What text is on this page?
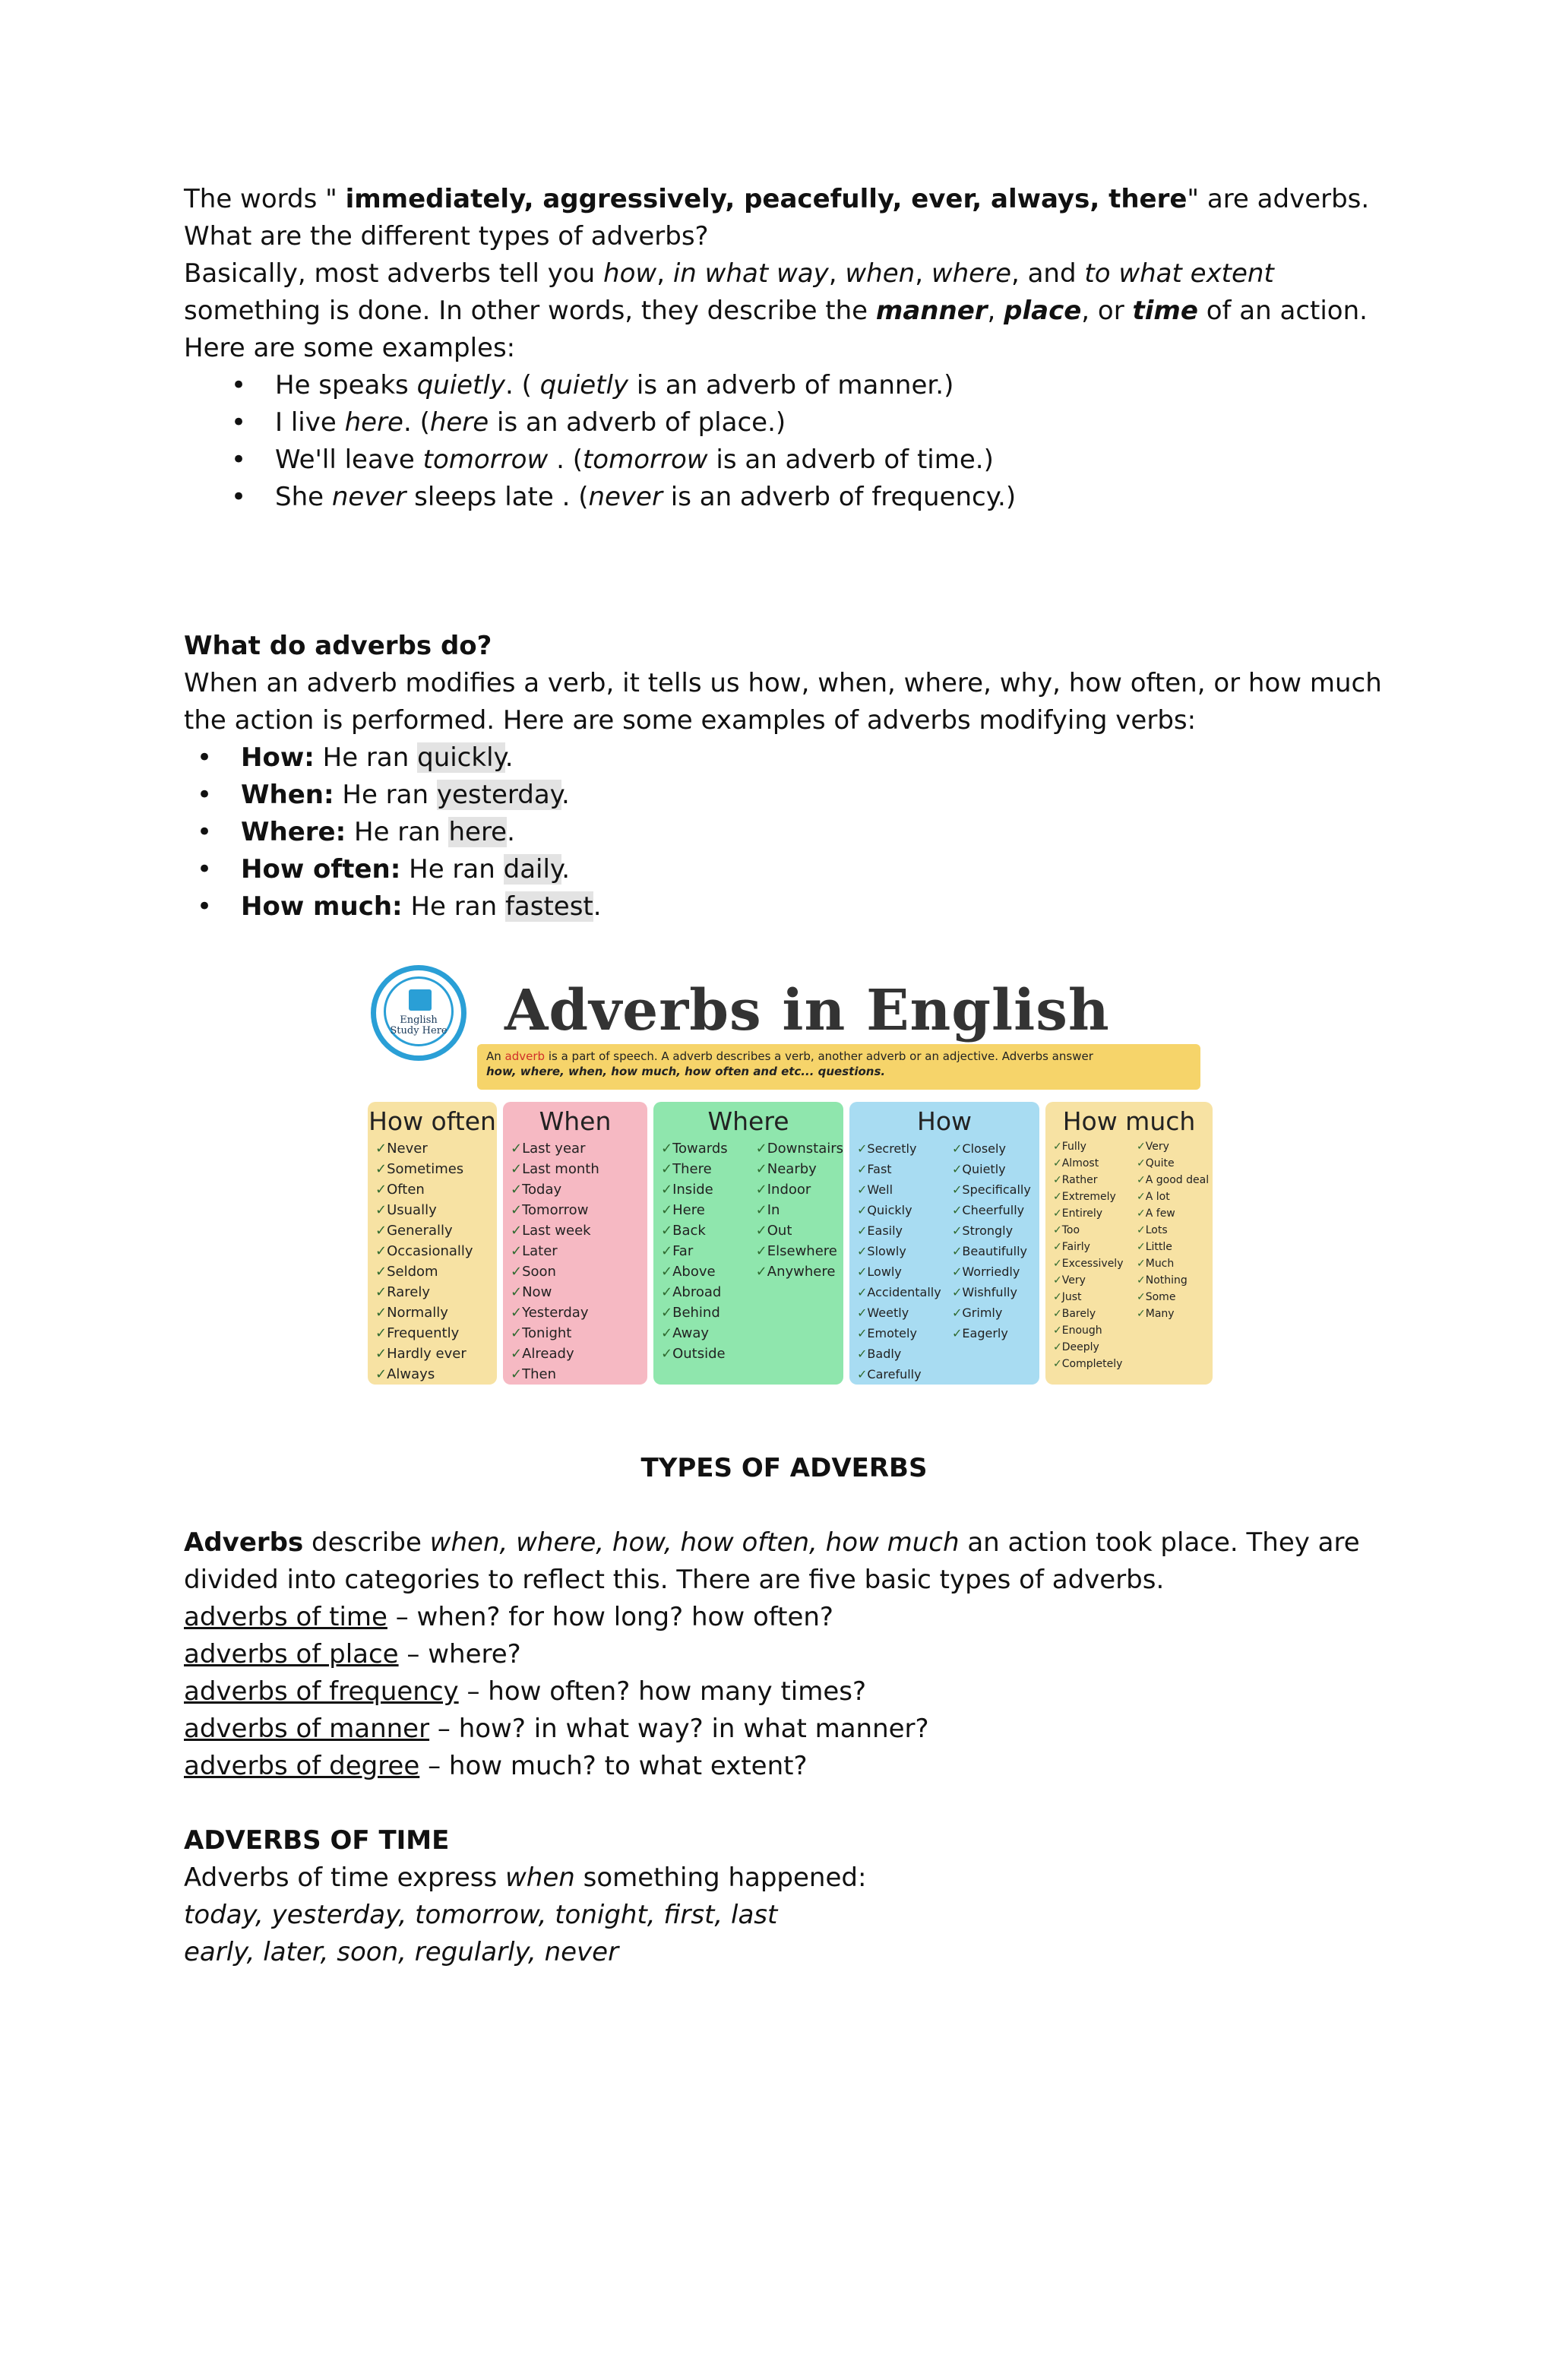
The words " immediately, aggressively, peacefully, ever, always, there" are adverbs.

What are the different types of adverbs?

Basically, most adverbs tell you how, in what way, when, where, and to what extent something is done. In other words, they describe the manner, place, or time of an action. Here are some examples:

• He speaks quietly. ( quietly is an adverb of manner.)
• I live here. (here is an adverb of place.)
• We'll leave tomorrow . (tomorrow is an adverb of time.)
• She never sleeps late . (never is an adverb of frequency.)

What do adverbs do?

When an adverb modifies a verb, it tells us how, when, where, why, how often, or how much the action is performed. Here are some examples of adverbs modifying verbs:

• How: He ran quickly.
• When: He ran yesterday.
• Where: He ran here.
• How often: He ran daily.
• How much: He ran fastest.
English Study Here Adverbs in English
An adverb is a part of speech. A adverb describes a verb, another adverb or an adjective. Adverbs answer
how, where, when, how much, how often and etc... questions.
How often
✓ Never
✓ Sometimes
✓ Often
✓ Usually
✓ Generally
✓ Occasionally
✓ Seldom
✓ Rarely
✓ Normally
✓ Frequently
✓ Hardly ever
✓ Always
When
✓ Last year
✓ Last month
✓ Today
✓ Tomorrow
✓ Last week
✓ Later
✓ Soon
✓ Now
✓ Yesterday
✓ Tonight
✓ Already
✓ Then
Where
✓ Towards
✓ There
✓ Inside
✓ Here
✓ Back
✓ Far
✓ Above
✓ Abroad
✓ Behind
✓ Away
✓ Outside
✓ Downstairs
✓ Nearby
✓ Indoor
✓ In
✓ Out
✓ Elsewhere
✓ Anywhere
How
✓ Secretly
✓ Fast
✓ Well
✓ Quickly
✓ Easily
✓ Slowly
✓ Lowly
✓ Accidentally
✓ Weetly
✓ Emotely
✓ Badly
✓ Carefully
✓ Closely
✓ Quietly
✓ Specifically
✓ Cheerfully
✓ Strongly
✓ Beautifully
✓ Worriedly
✓ Wishfully
✓ Grimly
✓ Eagerly
How much
✓ Fully
✓ Almost
✓ Rather
✓ Extremely
✓ Entirely
✓ Too
✓ Fairly
✓ Excessively
✓ Very
✓ Just
✓ Barely
✓ Enough
✓ Deeply
✓ Completely
✓ Very
✓ Quite
✓ A good deal
✓ A lot
✓ A few
✓ Lots
✓ Little
✓ Much
✓ Nothing
✓ Some
✓ Many

TYPES OF ADVERBS

Adverbs describe when, where, how, how often, how much an action took place. They are divided into categories to reflect this. There are five basic types of adverbs.

adverbs of time – when? for how long? how often?

adverbs of place – where?

adverbs of frequency – how often? how many times?

adverbs of manner – how? in what way? in what manner?

adverbs of degree – how much? to what extent?

ADVERBS OF TIME

Adverbs of time express when something happened:

today, yesterday, tomorrow, tonight, first, last

early, later, soon, regularly, never
